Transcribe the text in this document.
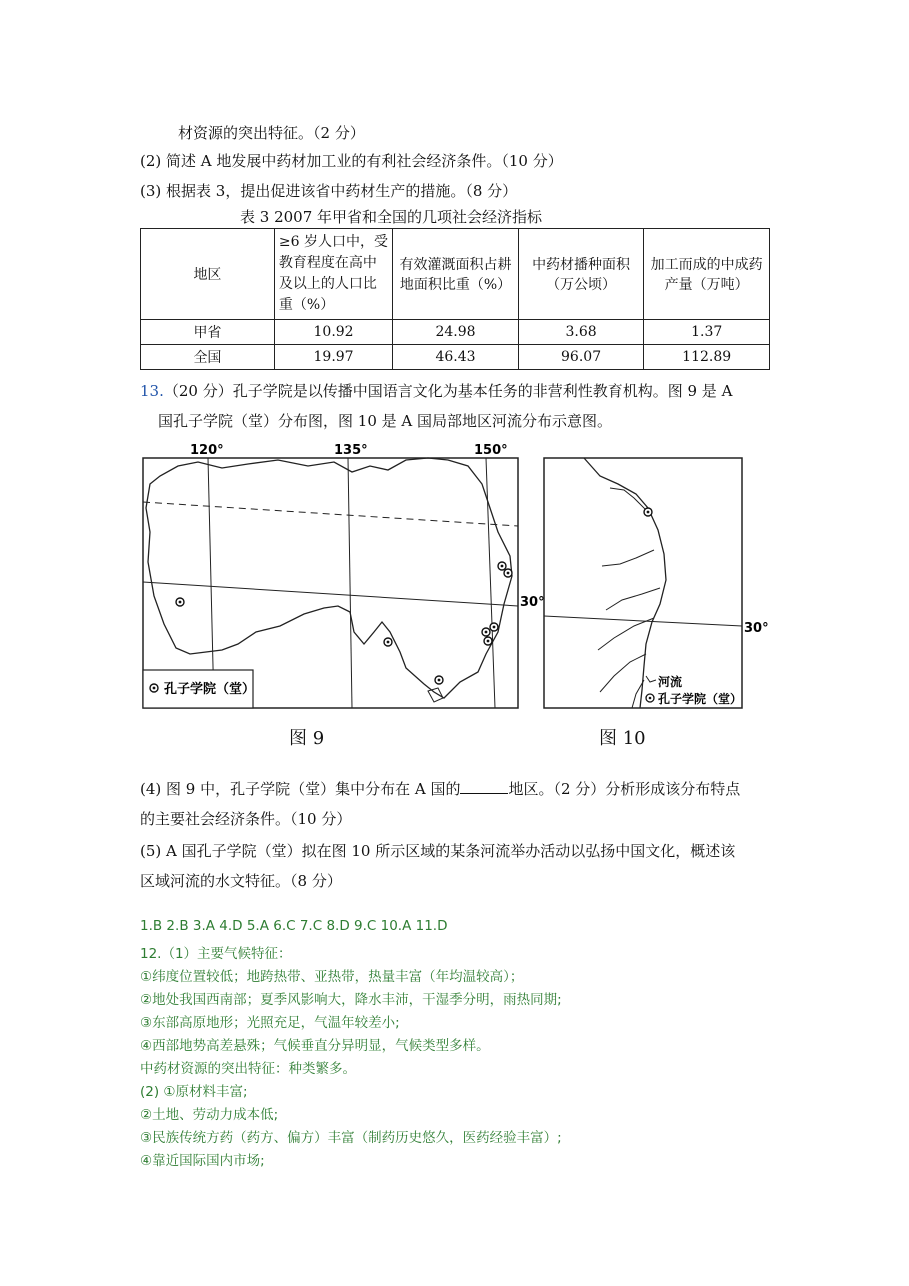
材资源的突出特征。（2 分）
(2) 简述 A 地发展中药材加工业的有利社会经济条件。（10 分）
(3) 根据表 3，提出促进该省中药材生产的措施。（8 分）
表 3 2007 年甲省和全国的几项社会经济指标
地区	≥6 岁人口中，受教育程度在高中及以上的人口比重（%）	有效灌溉面积占耕地面积比重（%）	中药材播种面积（万公顷）	加工而成的中成药产量（万吨）
甲省	10.92	24.98	3.68	1.37
全国	19.97	46.43	96.07	112.89
13.（20 分）孔子学院是以传播中国语言文化为基本任务的非营利性教育机构。图 9 是 A
国孔子学院（堂）分布图，图 10 是 A 国局部地区河流分布示意图。
120°	135°	150°
30°
孔子学院（堂）
图 9
30°
河流
孔子学院（堂）
图 10
(4) 图 9 中，孔子学院（堂）集中分布在 A 国的	地区。（2 分）分析形成该分布特点
的主要社会经济条件。（10 分）
(5) A 国孔子学院（堂）拟在图 10 所示区域的某条河流举办活动以弘扬中国文化，概述该
区域河流的水文特征。（8 分）
1.B 2.B 3.A 4.D 5.A 6.C 7.C 8.D 9.C 10.A 11.D
12.（1）主要气候特征：
①纬度位置较低；地跨热带、亚热带，热量丰富（年均温较高）；
②地处我国西南部；夏季风影响大，降水丰沛，干湿季分明，雨热同期;
③东部高原地形；光照充足，气温年较差小;
④西部地势高差悬殊；气候垂直分异明显，气候类型多样。
中药材资源的突出特征：种类繁多。
(2) ①原材料丰富;
②土地、劳动力成本低;
③民族传统方药（药方、偏方）丰富（制药历史悠久，医药经验丰富）;
④靠近国际国内市场;
